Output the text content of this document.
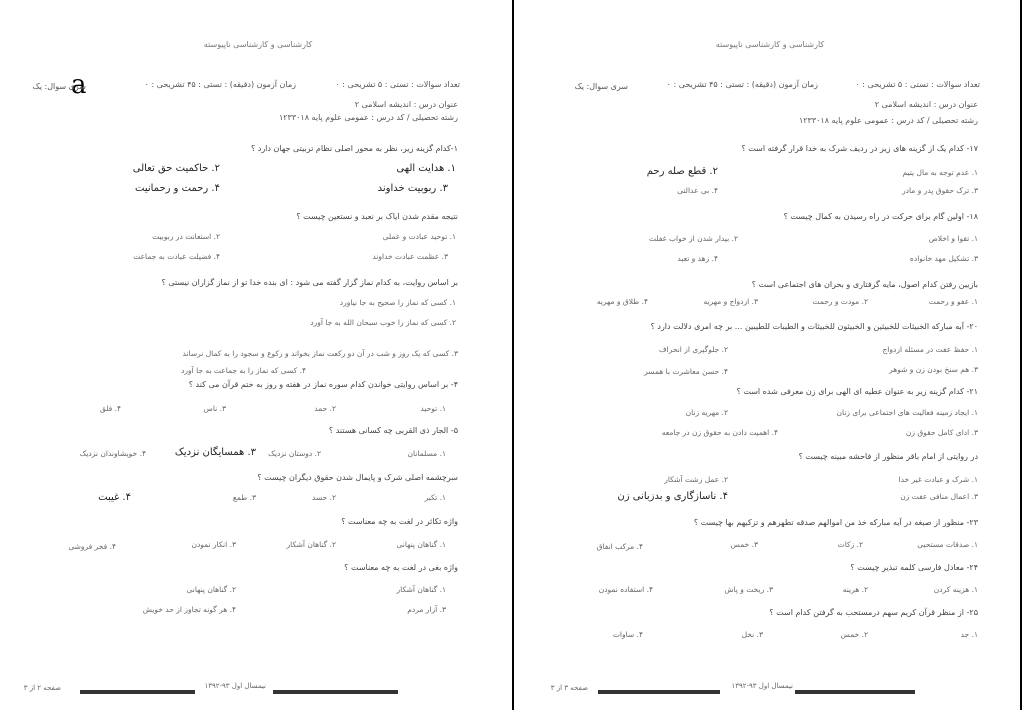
کارشناسی و کارشناسی ناپیوسته
a
سری سوال: یک	زمان آزمون (دقیقه) : تستی : ۴۵ تشریحی : ۰	تعداد سوالات : تستی : ۵ تشریحی : ۰
عنوان درس : اندیشه اسلامی ۲
رشته تحصیلی / کد درس : عمومی علوم پایه ۱۲۳۳۰۱۸
۱-کدام گزینه زیر، نظر به محور اصلی نظام تربیتی جهان دارد ؟
۱. هدایت الهی
۲. حاکمیت حق تعالی
۳. ربوبیت خداوند
۴. رحمت و رحمانیت
نتیجه مقدم شدن ایاک بر نعبد و نستعین چیست ؟
۱. توحید عبادت و عملی
۲. استعانت در ربوبیت
۳. عظمت عبادت خداوند
۴. فضیلت عبادت به جماعت
بر اساس روایت، به کدام نماز گزار گفته می شود : ای بنده خدا تو از نماز گزاران نیستی ؟
۱. کسی که نماز را صحیح به جا نیاورد
۲. کسی که نماز را خوب سبحان الله به جا آورد
۳. کسی که یک روز و شب در آن دو رکعت نماز بخواند و رکوع و سجود را به کمال نرساند
۴. کسی که نماز را به جماعت به جا آورد
۴- بر اساس روایتی خواندن کدام سوره نماز در هفته و روز به ختم قرآن می کند ؟
۱. توحید
۲. حمد
۳. ناس
۴. فلق
۵- الجار ذی القربی چه کسانی هستند ؟
۱. مسلمانان
۲. دوستان نزدیک
۳. همسایگان نزدیک
۴. خویشاوندان نزدیک
سرچشمه اصلی شرک و پایمال شدن حقوق دیگران چیست ؟
۱. تکبر
۲. حسد
۳. طمع
۴. غیبت
واژه تکاثر در لغت به چه معناست ؟
۱. گناهان پنهانی
۲. گناهان آشکار
۳. انکار نمودن
۴. فخر فروشی
واژه بغی در لغت به چه معناست ؟
۱. گناهان آشکار
۲. گناهان پنهانی
۳. آزار مردم
۴. هر گونه تجاوز از حد خویش
نیمسال اول ۹۳-۱۳۹۲
صفحه ۲ از ۳
کارشناسی و کارشناسی ناپیوسته
سری سوال: یک	زمان آزمون (دقیقه) : تستی : ۴۵ تشریحی : ۰	تعداد سوالات : تستی : ۵ تشریحی : ۰
عنوان درس : اندیشه اسلامی ۲
رشته تحصیلی / کد درس : عمومی علوم پایه ۱۲۳۳۰۱۸
۱۷- کدام یک از گزینه های زیر در ردیف شرک به خدا قرار گرفته است ؟
۱. عدم توجه به مال یتیم
۲. قطع صله رحم
۳. ترک حقوق پدر و مادر
۴. بی عدالتی
۱۸- اولین گام برای حرکت در راه رسیدن به کمال چیست ؟
۱. تقوا و اخلاص
۲. بیدار شدن از خواب غفلت
۳. تشکیل مهد خانواده
۴. زهد و تعبد
بازیین رفتن کدام اصول، مایه گرفتاری و بحران های اجتماعی است ؟
۱. عفو و رحمت
۲. مودت و رحمت
۳. ازدواج و مهریه
۴. طلاق و مهریه
۲۰- آیه مبارکه الخبیثات للخبیثین و الخبیثون للخبیثات و الطیبات للطیبین ... بر چه امری دلالت دارد ؟
۱. حفظ عفت در مسئله ازدواج
۲. جلوگیری از انحراف
۳. هم سنخ بودن زن و شوهر
۴. حسن معاشرت با همسر
۲۱- کدام گزینه زیر به عنوان عطیه ای الهی برای زن معرفی شده است ؟
۱. ایجاد زمینه فعالیت های اجتماعی برای زنان
۲. مهریه زنان
۳. ادای کامل حقوق زن
۴. اهمیت دادن به حقوق زن در جامعه
در روایتی از امام باقر منظور از فاحشه مبینه چیست ؟
۱. شرک و عبادت غیر خدا
۲. عمل زشت آشکار
۳. اعمال منافی عفت زن
۴. ناسازگاری و بدزبانی زن
۲۳- منظور از صبغه در آیه مبارکه خذ من اموالهم صدقه تطهرهم و تزکیهم بها چیست ؟
۱. صدقات مستحبی
۲. زکات
۳. خمس
۴. مرکب انفاق
۲۴- معادل فارسی کلمه تبذیر چیست ؟
۱. هزینه کردن
۲. هرینه
۳. ریخت و پاش
۴. استفاده نمودن
۲۵- از منظر قرآن کریم سهم درمستحب به گرفتن کدام است ؟
۱. جد
۲. خمس
۳. نخل
۴. ساوات
نیمسال اول ۹۳-۱۳۹۲
صفحه ۳ از ۳
